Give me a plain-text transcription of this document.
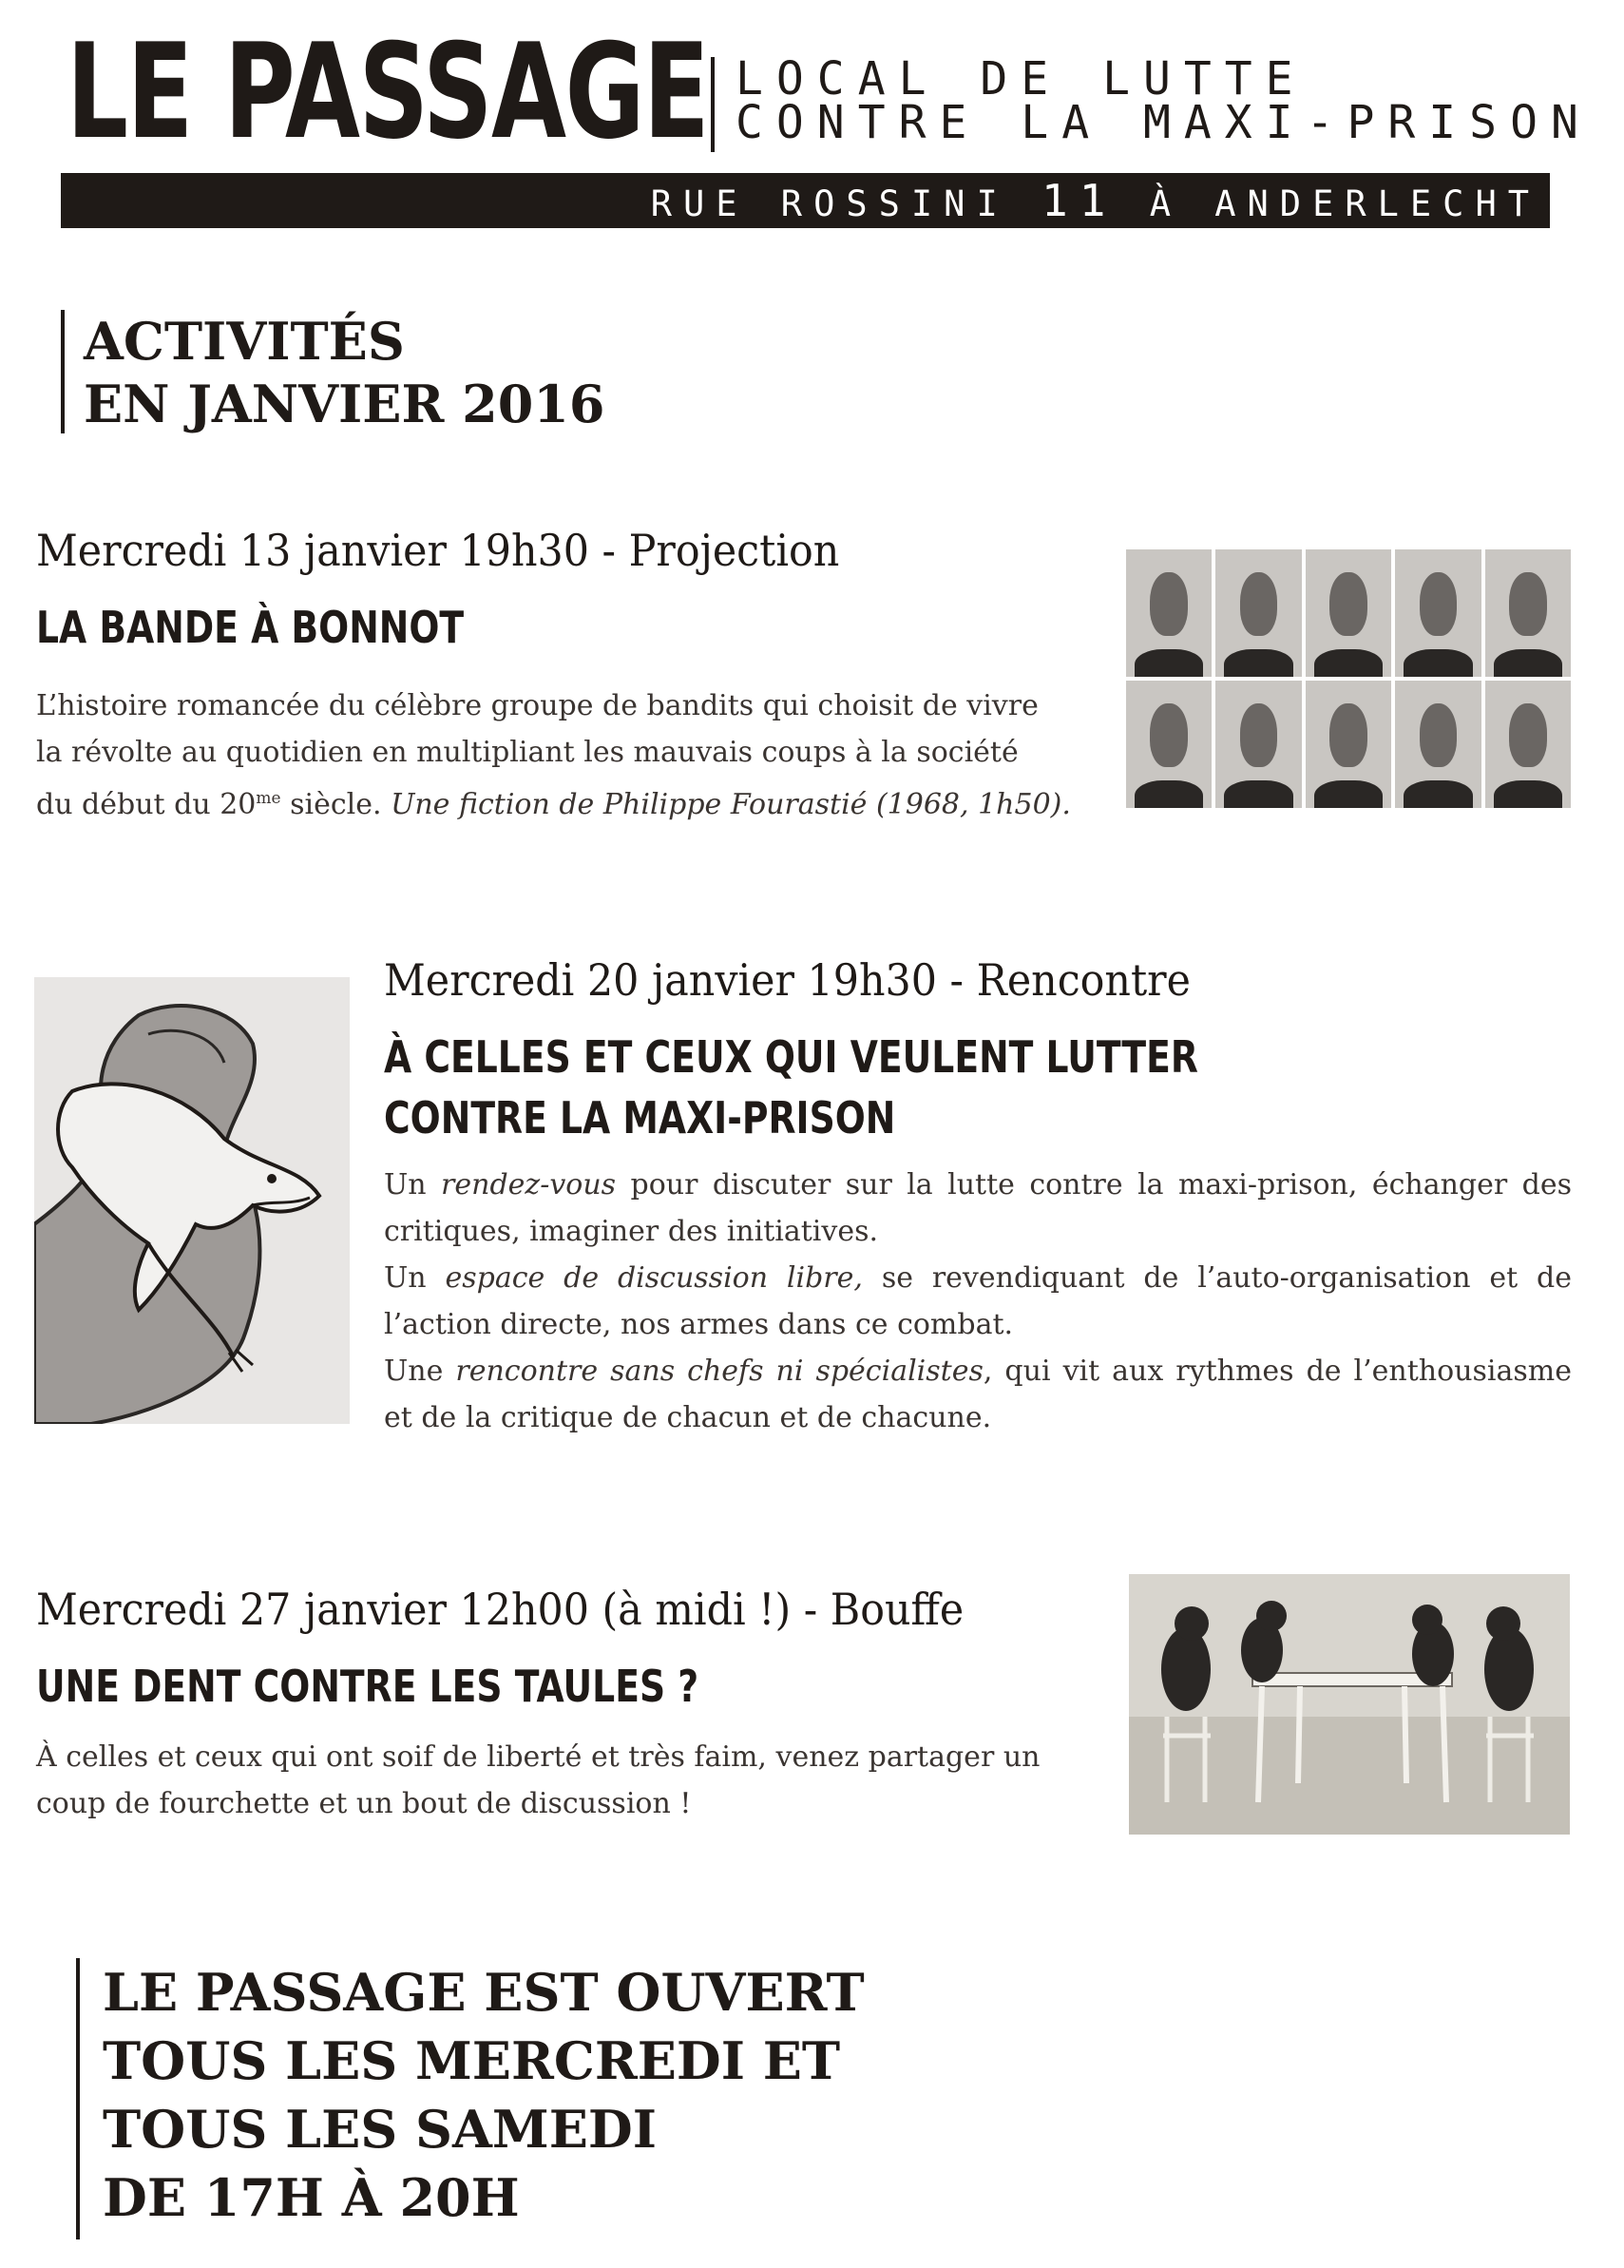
LE PASSAGE LOCAL DE LUTTE
CONTRE LA MAXI-PRISON
RUE ROSSINI 11 À ANDERLECHT
ACTIVITÉS
EN JANVIER 2016
Mercredi 13 janvier 19h30 - Projection
LA BANDE À BONNOT
L’histoire romancée du célèbre groupe de bandits qui choisit de vivre
la révolte au quotidien en multipliant les mauvais coups à la société
du début du $20^{me}$ siècle. Une fiction de Philippe Fourastié (1968, 1h50).
Mercredi 20 janvier 19h30 - Rencontre
À CELLES ET CEUX QUI VEULENT LUTTER
CONTRE LA MAXI-PRISON
Un rendez-vous pour discuter sur la lutte contre la maxi-prison, échanger des critiques, imaginer des initiatives.
Un espace de discussion libre, se revendiquant de l’auto-organisation et de l’action directe, nos armes dans ce combat.
Une rencontre sans chefs ni spécialistes, qui vit aux rythmes de l’enthousiasme et de la critique de chacun et de chacune.
Mercredi 27 janvier 12h00 (à midi !) - Bouffe
UNE DENT CONTRE LES TAULES ?
À celles et ceux qui ont soif de liberté et très faim, venez partager un
coup de fourchette et un bout de discussion !
LE PASSAGE EST OUVERT
TOUS LES MERCREDI ET
TOUS LES SAMEDI
DE 17H À 20H
